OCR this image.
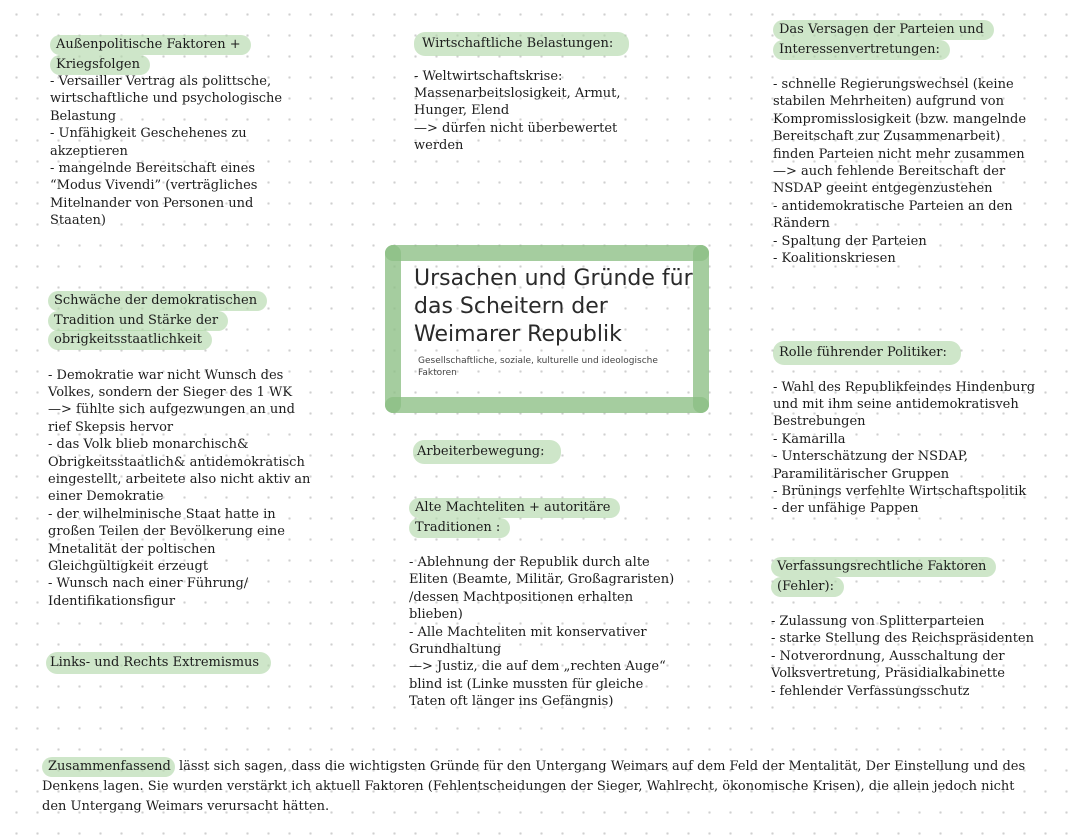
Außenpolitische Faktoren + Kriegsfolgen
- Versailler Vertrag als polittsche, wirtschaftliche und psychologische Belastung
- Unfähigkeit Geschehenes zu akzeptieren
- mangelnde Bereitschaft eines “Modus Vivendi” (verträgliches Mitelnander von Personen und Staaten)
Wirtschaftliche Belastungen:
- Weltwirtschaftskrise: Massenarbeitslosigkeit, Armut, Hunger, Elend
—> dürfen nicht überbewertet werden
Das Versagen der Parteien und Interessenvertretungen:
- schnelle Regierungswechsel (keine stabilen Mehrheiten) aufgrund von Kompromisslosigkeit (bzw. mangelnde Bereitschaft zur Zusammenarbeit) finden Parteien nicht mehr zusammen
—> auch fehlende Bereitschaft der NSDAP geeint entgegenzustehen
- antidemokratische Parteien an den Rändern
- Spaltung der Parteien
- Koalitionskriesen
Ursachen und Gründe für das Scheitern der Weimarer Republik
Gesellschaftliche, soziale, kulturelle und ideologische Faktoren
Schwäche der demokratischen Tradition und Stärke der obrigkeitsstaatlichkeit
- Demokratie war nicht Wunsch des Volkes, sondern der Sieger des 1 WK
—> fühlte sich aufgezwungen an und rief Skepsis hervor
- das Volk blieb monarchisch& Obrigkeitsstaatlich& antidemokratisch eingestellt, arbeitete also nicht aktiv an einer Demokratie
- der wilhelminische Staat hatte in großen Teilen der Bevölkerung eine Mnetalität der poltischen Gleichgültigkeit erzeugt
- Wunsch nach einer Führung/ Identifikationsfigur
Links- und Rechts Extremismus
Arbeiterbewegung:
Alte Machteliten + autoritäre Traditionen :
- Ablehnung der Republik durch alte Eliten (Beamte, Militär, Großagraristen) /dessen Machtpositionen erhalten blieben)
- Alle Machteliten mit konservativer Grundhaltung
—> Justiz, die auf dem „rechten Auge“ blind ist (Linke mussten für gleiche Taten oft länger ins Gefängnis)
Rolle führender Politiker:
- Wahl des Republikfeindes Hindenburg und mit ihm seine antidemokratisveh Bestrebungen
- Kamarilla
- Unterschätzung der NSDAP, Paramilitärischer Gruppen
- Brünings verfehlte Wirtschaftspolitik
- der unfähige Pappen
Verfassungsrechtliche Faktoren (Fehler):
- Zulassung von Splitterparteien
- starke Stellung des Reichspräsidenten
- Notverordnung, Ausschaltung der Volksvertretung, Präsidialkabinette
- fehlender Verfassungsschutz
Zusammenfassend lässt sich sagen, dass die wichtigsten Gründe für den Untergang Weimars auf dem Feld der Mentalität, Der Einstellung und des Denkens lagen. Sie wurden verstärkt ich aktuell Faktoren (Fehlentscheidungen der Sieger, Wahlrecht, ökonomische Krisen), die allein jedoch nicht den Untergang Weimars verursacht hätten.
